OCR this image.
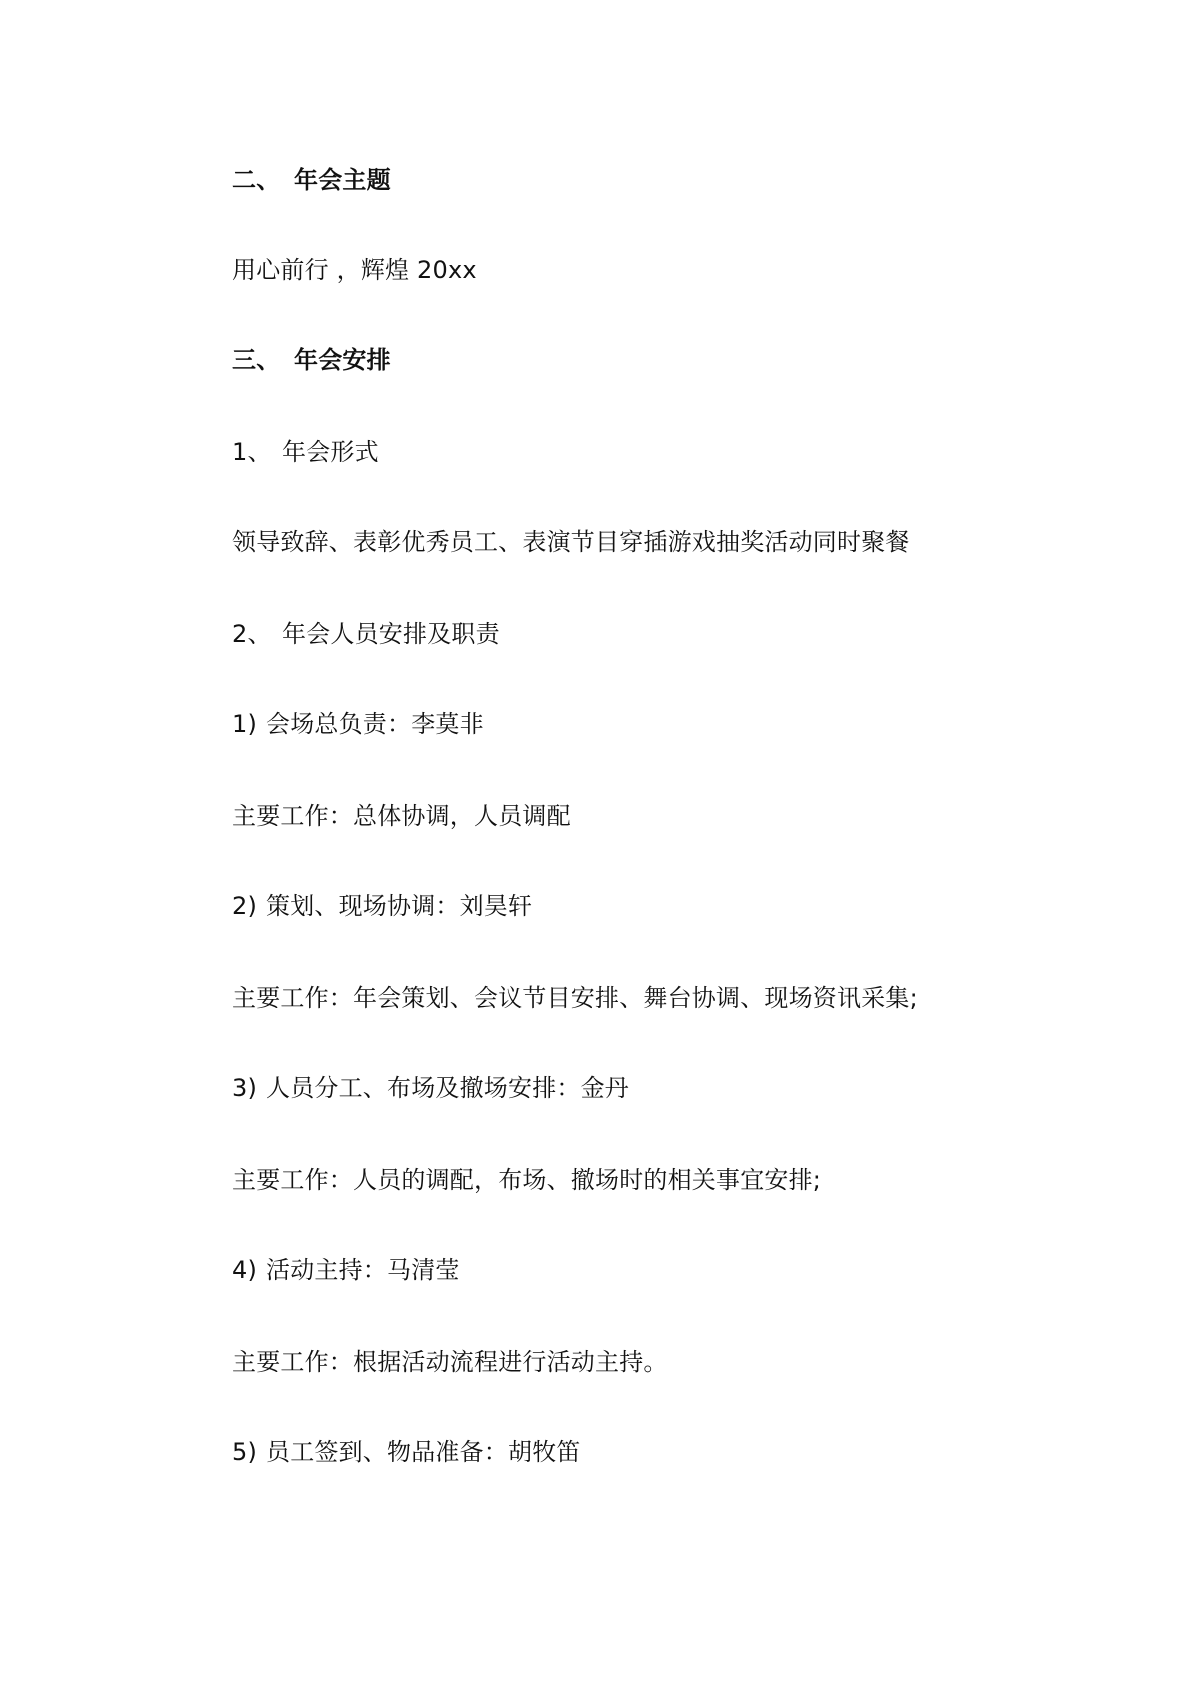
二、 年会主题
用心前行 ，辉煌 20xx
三、 年会安排
1、 年会形式
领导致辞、表彰优秀员工、表演节目穿插游戏抽奖活动同时聚餐
2、 年会人员安排及职责
1) 会场总负责：李莫非
主要工作：总体协调，人员调配
2) 策划、现场协调：刘昊轩
主要工作：年会策划、会议节目安排、舞台协调、现场资讯采集;
3) 人员分工、布场及撤场安排：金丹
主要工作：人员的调配，布场、撤场时的相关事宜安排;
4) 活动主持：马清莹
主要工作：根据活动流程进行活动主持。
5) 员工签到、物品准备：胡牧笛
